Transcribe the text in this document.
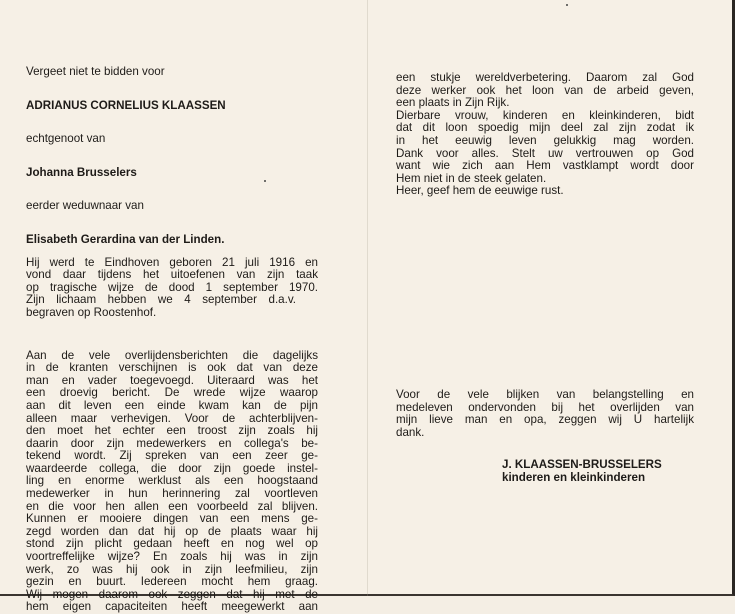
Vergeet niet te bidden voor
ADRIANUS CORNELIUS KLAASSEN
echtgenoot van
Johanna Brusselers
eerder weduwnaar van
Elisabeth Gerardina van der Linden.
Hij werd te Eindhoven geboren 21 juli 1916 en
vond daar tijdens het uitoefenen van zijn taak
op tragische wijze de dood 1 september 1970.
Zijn lichaam hebben we 4 september d.a.v.
begraven op Roostenhof.
Aan de vele overlijdensberichten die dagelijks
in de kranten verschijnen is ook dat van deze
man en vader toegevoegd. Uiteraard was het
een droevig bericht. De wrede wijze waarop
aan dit leven een einde kwam kan de pijn
alleen maar verhevigen. Voor de achterblijven-
den moet het echter een troost zijn zoals hij
daarin door zijn medewerkers en collega's be-
tekend wordt. Zij spreken van een zeer ge-
waardeerde collega, die door zijn goede instel-
ling en enorme werklust als een hoogstaand
medewerker in hun herinnering zal voortleven
en die voor hen allen een voorbeeld zal blijven.
Kunnen er mooiere dingen van een mens ge-
zegd worden dan dat hij op de plaats waar hij
stond zijn plicht gedaan heeft en nog wel op
voortreffelijke wijze? En zoals hij was in zijn
werk, zo was hij ook in zijn leefmilieu, zijn
gezin en buurt. Iedereen mocht hem graag.
Wij mogen daarom ook zeggen dat hij met de
hem eigen capaciteiten heeft meegewerkt aan
een stukje wereldverbetering. Daarom zal God
deze werker ook het loon van de arbeid geven,
een plaats in Zijn Rijk.
Dierbare vrouw, kinderen en kleinkinderen, bidt
dat dit loon spoedig mijn deel zal zijn zodat ik
in het eeuwig leven gelukkig mag worden.
Dank voor alles. Stelt uw vertrouwen op God
want wie zich aan Hem vastklampt wordt door
Hem niet in de steek gelaten.
Heer, geef hem de eeuwige rust.
Voor de vele blijken van belangstelling en
medeleven ondervonden bij het overlijden van
mijn lieve man en opa, zeggen wij U hartelijk
dank.
J. KLAASSEN-BRUSSELERS
kinderen en kleinkinderen
